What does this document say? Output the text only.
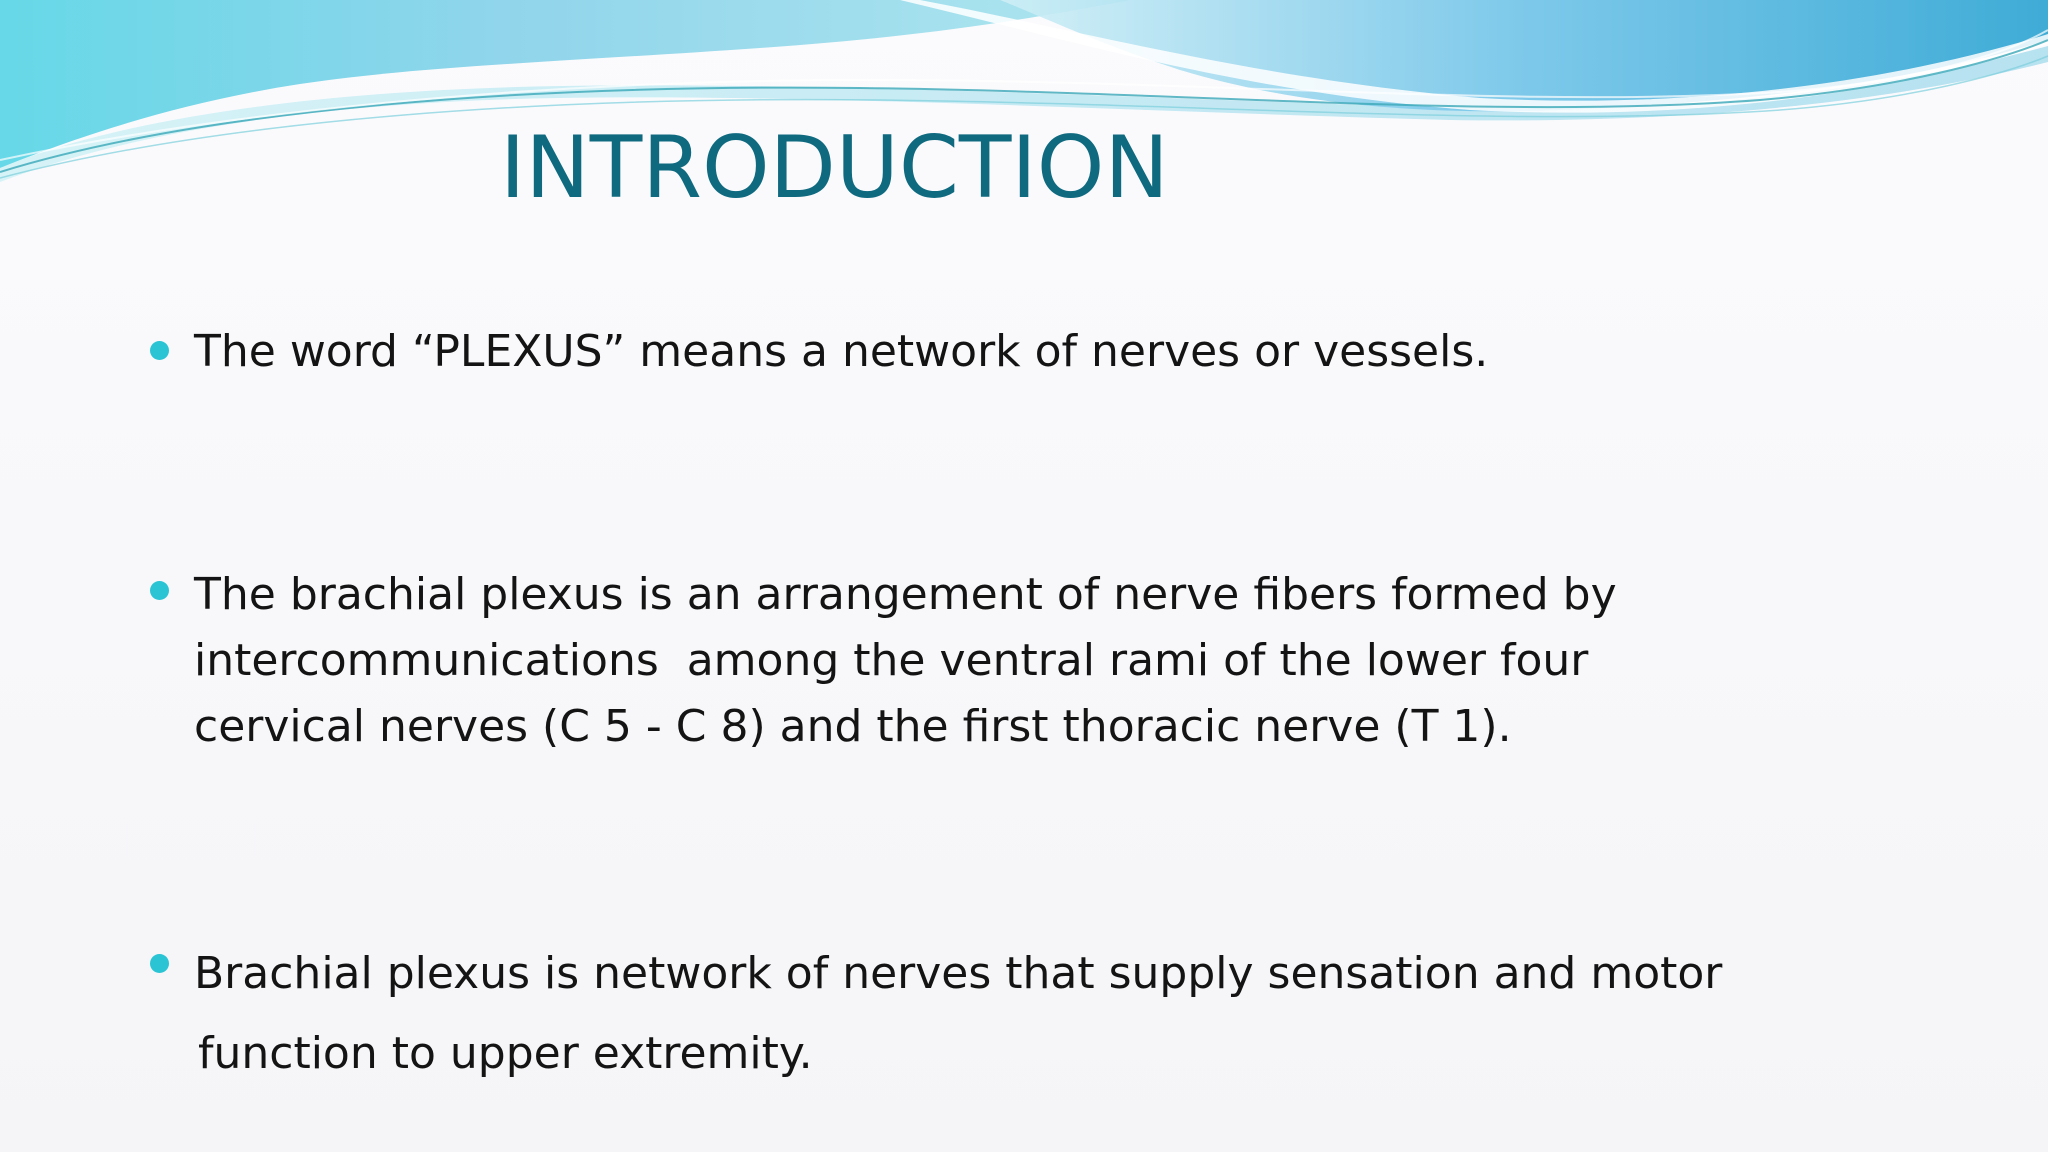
INTRODUCTION
The word “PLEXUS” means a network of nerves or vessels.
The brachial plexus is an arrangement of nerve fibers formed by
intercommunications  among the ventral rami of the lower four
cervical nerves (C 5 - C 8) and the first thoracic nerve (T 1).
Brachial plexus is network of nerves that supply sensation and motor
function to upper extremity.
